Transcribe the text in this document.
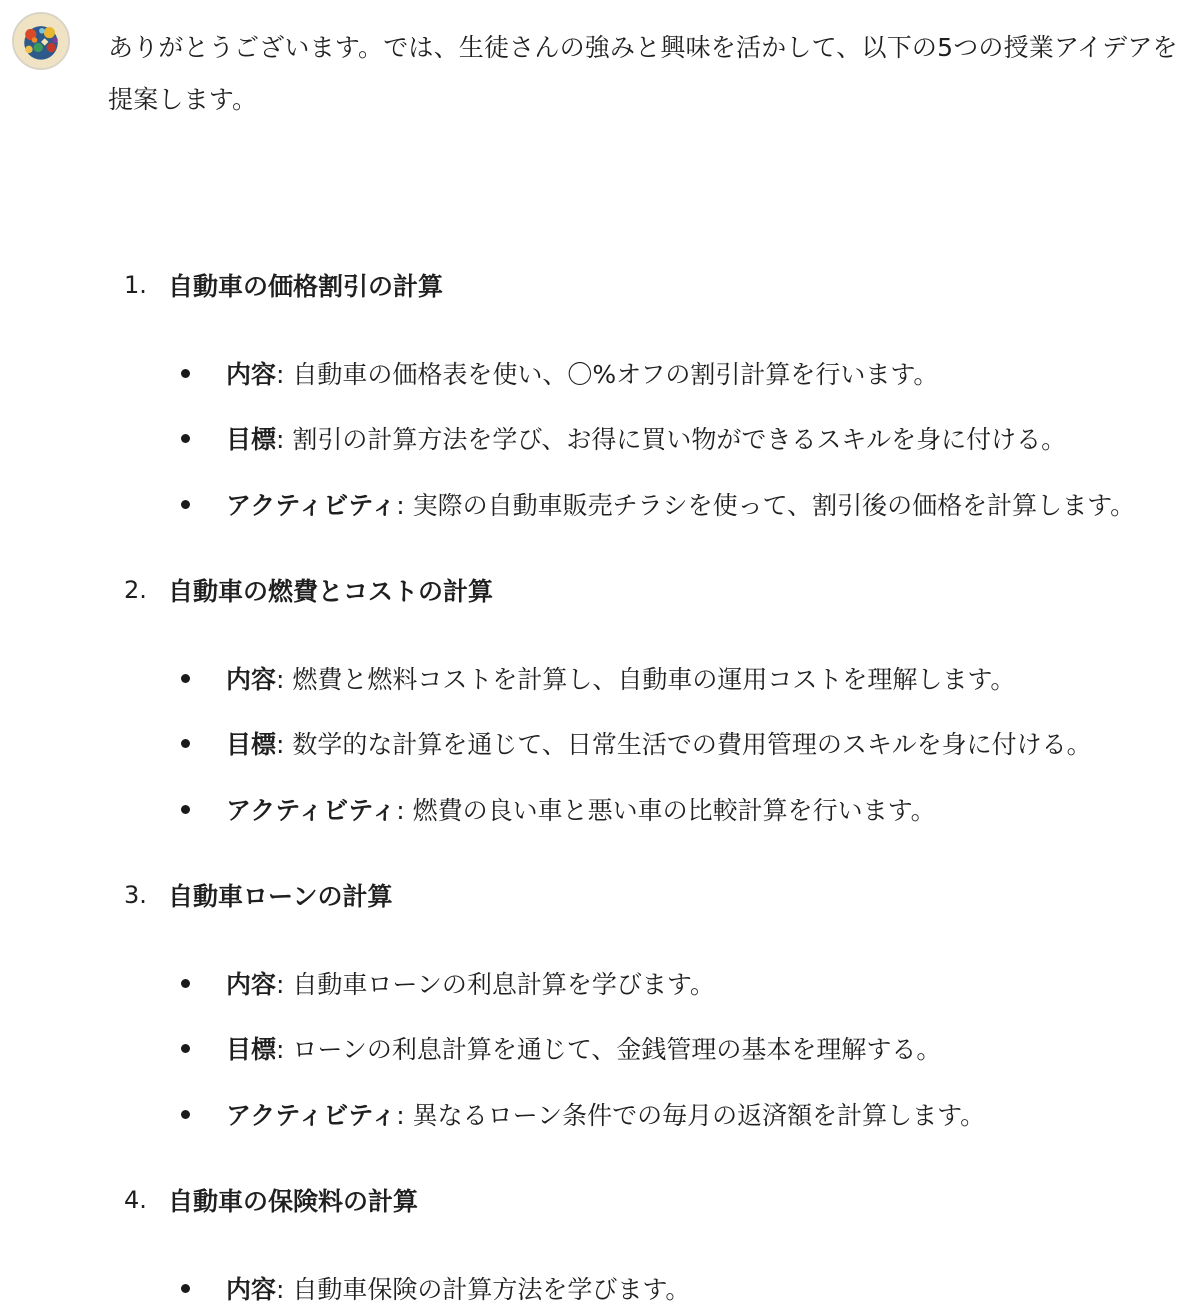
ありがとうございます。では、生徒さんの強みと興味を活かして、以下の5つの授業アイデアを提案します。

1. 自動車の価格割引の計算
内容: 自動車の価格表を使い、〇%オフの割引計算を行います。
目標: 割引の計算方法を学び、お得に買い物ができるスキルを身に付ける。
アクティビティ: 実際の自動車販売チラシを使って、割引後の価格を計算します。
2. 自動車の燃費とコストの計算
内容: 燃費と燃料コストを計算し、自動車の運用コストを理解します。
目標: 数学的な計算を通じて、日常生活での費用管理のスキルを身に付ける。
アクティビティ: 燃費の良い車と悪い車の比較計算を行います。
3. 自動車ローンの計算
内容: 自動車ローンの利息計算を学びます。
目標: ローンの利息計算を通じて、金銭管理の基本を理解する。
アクティビティ: 異なるローン条件での毎月の返済額を計算します。
4. 自動車の保険料の計算
内容: 自動車保険の計算方法を学びます。
